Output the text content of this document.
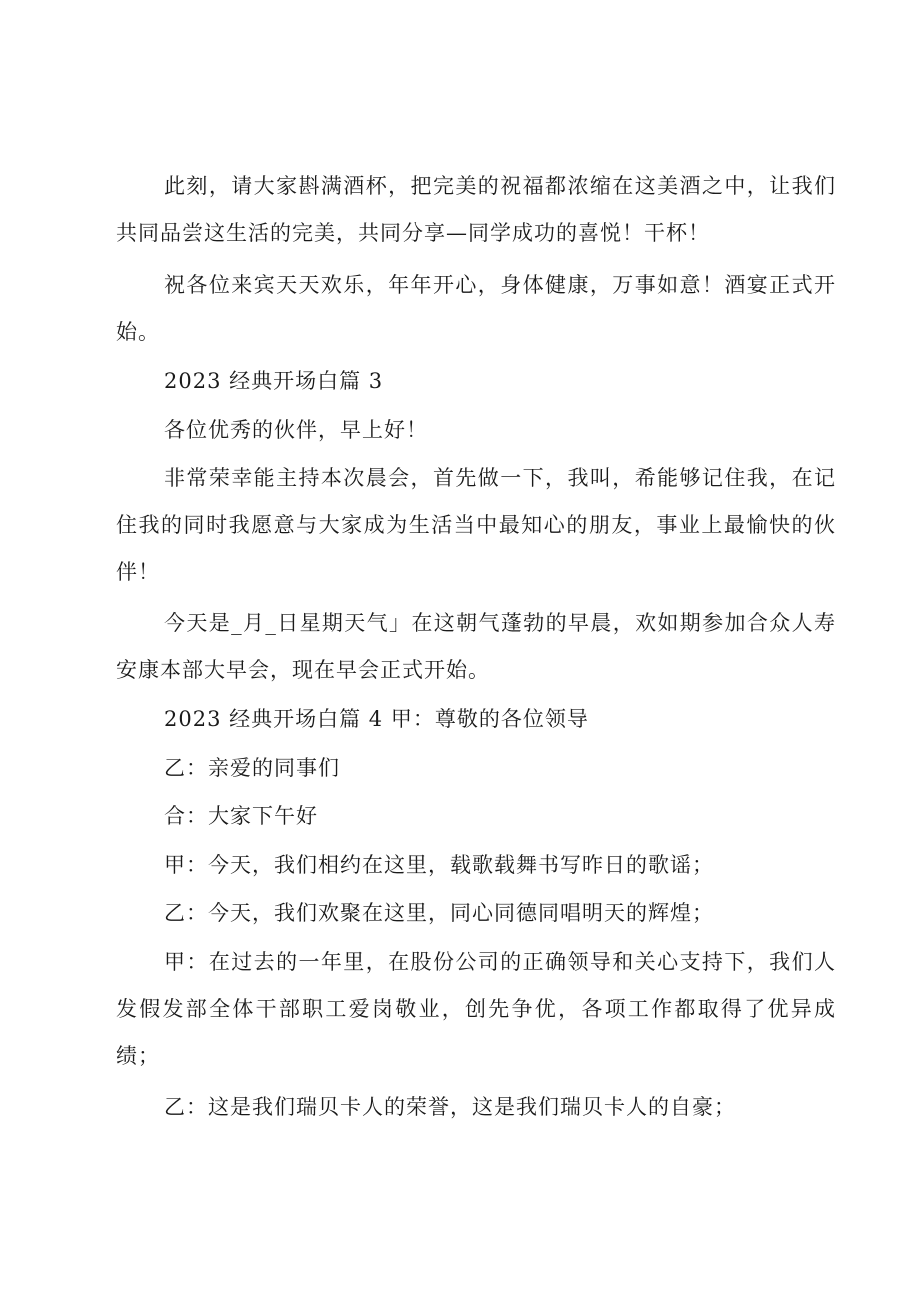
此刻，请大家斟满酒杯，把完美的祝福都浓缩在这美酒之中，让我们共同品尝这生活的完美，共同分享—同学成功的喜悦！干杯！

祝各位来宾天天欢乐，年年开心，身体健康，万事如意！酒宴正式开始。

2023 经典开场白篇 3

各位优秀的伙伴，早上好！

非常荣幸能主持本次晨会，首先做一下，我叫，希能够记住我，在记住我的同时我愿意与大家成为生活当中最知心的朋友，事业上最愉快的伙伴！

今天是_月_日星期天气」在这朝气蓬勃的早晨，欢如期参加合众人寿安康本部大早会，现在早会正式开始。

2023 经典开场白篇 4 甲：尊敬的各位领导

乙：亲爱的同事们

合：大家下午好

甲：今天，我们相约在这里，载歌载舞书写昨日的歌谣；

乙：今天，我们欢聚在这里，同心同德同唱明天的辉煌；

甲：在过去的一年里，在股份公司的正确领导和关心支持下，我们人发假发部全体干部职工爱岗敬业，创先争优，各项工作都取得了优异成绩；

乙：这是我们瑞贝卡人的荣誉，这是我们瑞贝卡人的自豪；
